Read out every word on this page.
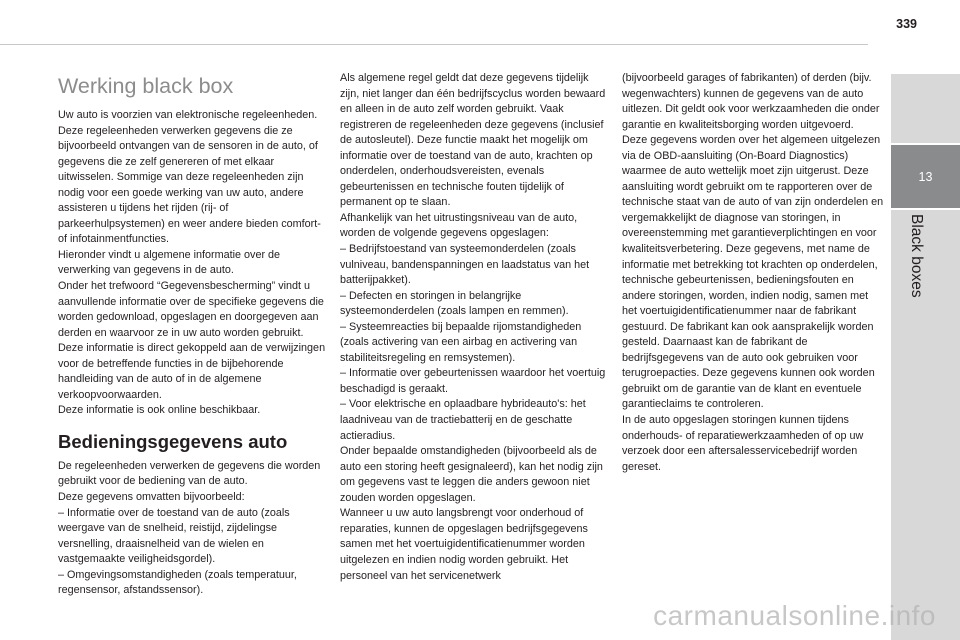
339
13
Black boxes
Werking black box

Uw auto is voorzien van elektronische regeleenheden. Deze regeleenheden verwerken gegevens die ze bijvoorbeeld ontvangen van de sensoren in de auto, of gegevens die ze zelf genereren of met elkaar uitwisselen. Sommige van deze regeleenheden zijn nodig voor een goede werking van uw auto, andere assisteren u tijdens het rijden (rij- of parkeerhulpsystemen) en weer andere bieden comfort- of infotainmentfuncties.

Hieronder vindt u algemene informatie over de verwerking van gegevens in de auto.

Onder het trefwoord “Gegevensbescherming” vindt u aanvullende informatie over de specifieke gegevens die worden gedownload, opgeslagen en doorgegeven aan derden en waarvoor ze in uw auto worden gebruikt. Deze informatie is direct gekoppeld aan de verwijzingen voor de betreffende functies in de bijbehorende handleiding van de auto of in de algemene verkoopvoorwaarden.

Deze informatie is ook online beschikbaar.

Bedieningsgegevens auto

De regeleenheden verwerken de gegevens die worden gebruikt voor de bediening van de auto.

Deze gegevens omvatten bijvoorbeeld:

– Informatie over de toestand van de auto (zoals weergave van de snelheid, reistijd, zijdelingse versnelling, draaisnelheid van de wielen en vastgemaakte veiligheidsgordel).

– Omgevingsomstandigheden (zoals temperatuur, regensensor, afstandssensor).

Als algemene regel geldt dat deze gegevens tijdelijk zijn, niet langer dan één bedrijfscyclus worden bewaard en alleen in de auto zelf worden gebruikt. Vaak registreren de regeleenheden deze gegevens (inclusief de autosleutel). Deze functie maakt het mogelijk om informatie over de toestand van de auto, krachten op onderdelen, onderhoudsvereisten, evenals gebeurtenissen en technische fouten tijdelijk of permanent op te slaan.

Afhankelijk van het uitrustingsniveau van de auto, worden de volgende gegevens opgeslagen:

– Bedrijfstoestand van systeemonderdelen (zoals vulniveau, bandenspanningen en laadstatus van het batterijpakket).

– Defecten en storingen in belangrijke systeemonderdelen (zoals lampen en remmen).

– Systeemreacties bij bepaalde rijomstandigheden (zoals activering van een airbag en activering van stabiliteitsregeling en remsystemen).

– Informatie over gebeurtenissen waardoor het voertuig beschadigd is geraakt.

– Voor elektrische en oplaadbare hybrideauto's: het laadniveau van de tractiebatterij en de geschatte actieradius.

Onder bepaalde omstandigheden (bijvoorbeeld als de auto een storing heeft gesignaleerd), kan het nodig zijn om gegevens vast te leggen die anders gewoon niet zouden worden opgeslagen.

Wanneer u uw auto langsbrengt voor onderhoud of reparaties, kunnen de opgeslagen bedrijfsgegevens samen met het voertuigidentificatienummer worden uitgelezen en indien nodig worden gebruikt. Het personeel van het servicenetwerk

(bijvoorbeeld garages of fabrikanten) of derden (bijv. wegenwachters) kunnen de gegevens van de auto uitlezen. Dit geldt ook voor werkzaamheden die onder garantie en kwaliteitsborging worden uitgevoerd.

Deze gegevens worden over het algemeen uitgelezen via de OBD-aansluiting (On-Board Diagnostics) waarmee de auto wettelijk moet zijn uitgerust. Deze aansluiting wordt gebruikt om te rapporteren over de technische staat van de auto of van zijn onderdelen en vergemakkelijkt de diagnose van storingen, in overeenstemming met garantieverplichtingen en voor kwaliteitsverbetering. Deze gegevens, met name de informatie met betrekking tot krachten op onderdelen, technische gebeurtenissen, bedieningsfouten en andere storingen, worden, indien nodig, samen met het voertuigidentificatienummer naar de fabrikant gestuurd. De fabrikant kan ook aansprakelijk worden gesteld. Daarnaast kan de fabrikant de bedrijfsgegevens van de auto ook gebruiken voor terugroepacties. Deze gegevens kunnen ook worden gebruikt om de garantie van de klant en eventuele garantieclaims te controleren.

In de auto opgeslagen storingen kunnen tijdens onderhouds- of reparatiewerkzaamheden of op uw verzoek door een aftersalesservicebedrijf worden gereset.

carmanualsonline.info
